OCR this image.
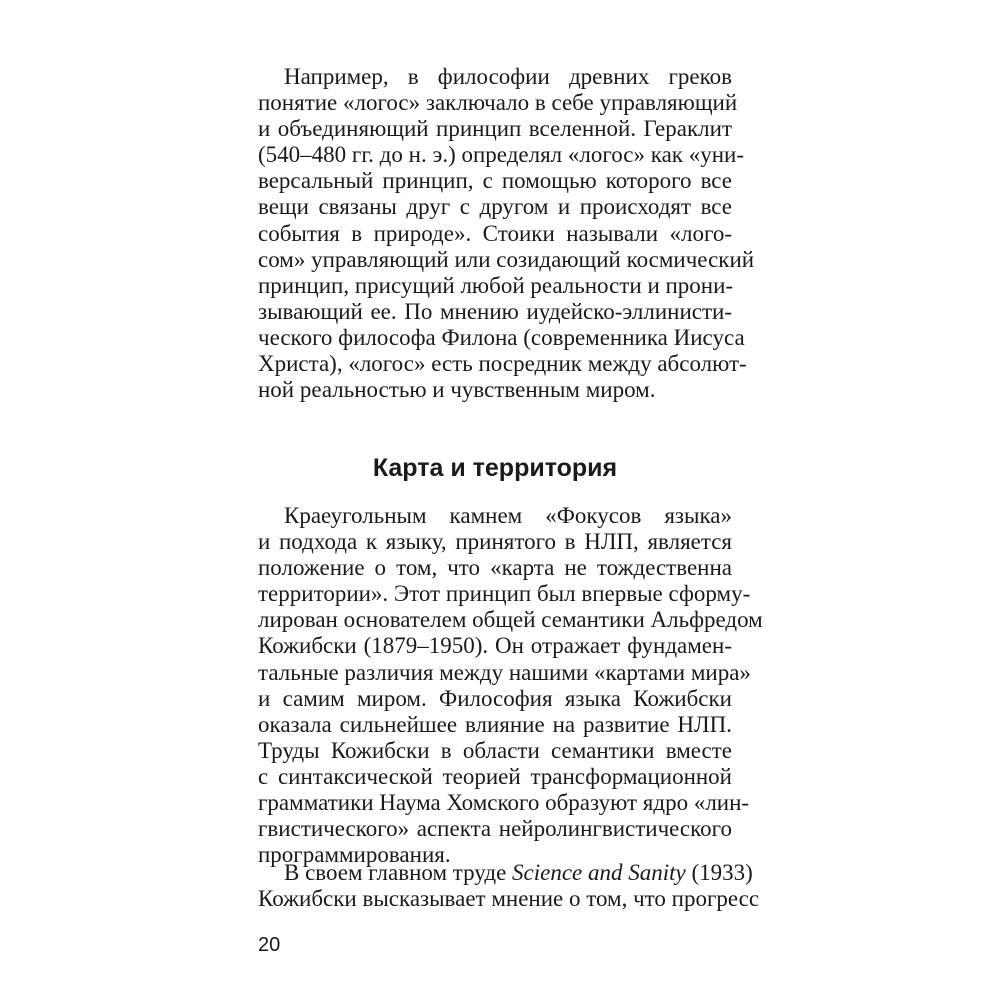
Например, в философии древних греков
понятие «логос» заключало в себе управляющий
и объединяющий принцип вселенной. Гераклит
(540–480 гг. до н. э.) определял «логос» как «уни-
версальный принцип, с помощью которого все
вещи связаны друг с другом и происходят все
события в природе». Стоики называли «лого-
сом» управляющий или созидающий космический
принцип, присущий любой реальности и прони-
зывающий ее. По мнению иудейско-эллинисти-
ческого философа Филона (современника Иисуса
Христа), «логос» есть посредник между абсолют-
ной реальностью и чувственным миром.
Карта и территория
Краеугольным камнем «Фокусов языка»
и подхода к языку, принятого в НЛП, является
положение о том, что «карта не тождественна
территории». Этот принцип был впервые сформу-
лирован основателем общей семантики Альфредом
Кожибски (1879–1950). Он отражает фундамен-
тальные различия между нашими «картами мира»
и самим миром. Философия языка Кожибски
оказала сильнейшее влияние на развитие НЛП.
Труды Кожибски в области семантики вместе
с синтаксической теорией трансформационной
грамматики Наума Хомского образуют ядро «лин-
гвистического» аспекта нейролингвистического
программирования.
В своем главном труде Science and Sanity (1933)
Кожибски высказывает мнение о том, что прогресс
20
